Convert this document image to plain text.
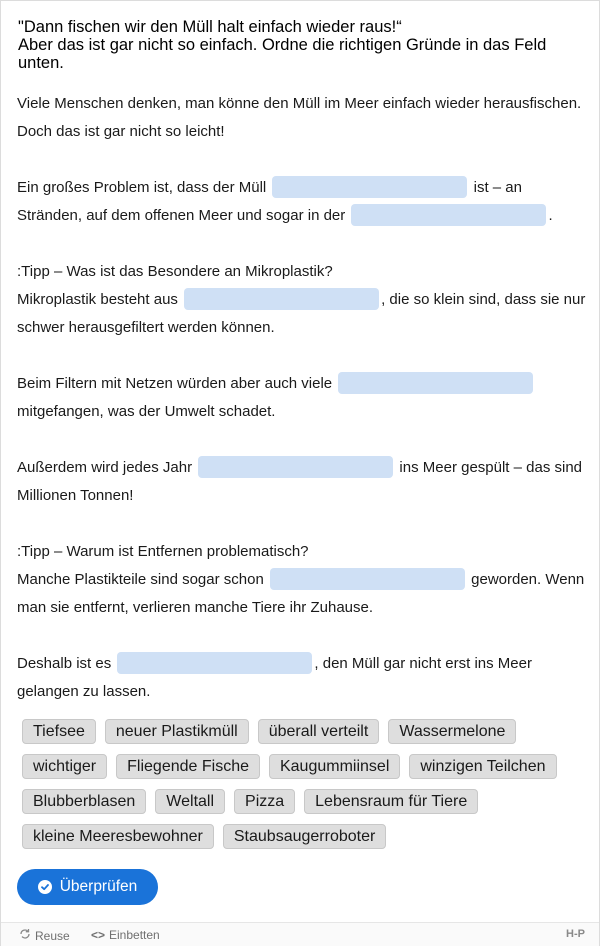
"Dann fischen wir den Müll halt einfach wieder raus!“
Aber das ist gar nicht so einfach. Ordne die richtigen Gründe in das Feld unten.

Viele Menschen denken, man könne den Müll im Meer einfach wieder herausfischen. Doch das ist gar nicht so leicht!

Ein großes Problem ist, dass der Müll	ist – an Stränden, auf dem offenen Meer und sogar in der	.

:Tipp – Was ist das Besondere an Mikroplastik?

Mikroplastik besteht aus	, die so klein sind, dass sie nur schwer herausgefiltert werden können.

Beim Filtern mit Netzen würden aber auch viele  mitgefangen, was der Umwelt schadet.

Außerdem wird jedes Jahr	ins Meer gespült – das sind Millionen Tonnen!

:Tipp – Warum ist Entfernen problematisch?

Manche Plastikteile sind sogar schon	geworden. Wenn man sie entfernt, verlieren manche Tiere ihr Zuhause.

Deshalb ist es	, den Müll gar nicht erst ins Meer gelangen zu lassen.

Tiefsee	neuer Plastikmüll	überall verteilt	Wassermelone
wichtiger	Fliegende Fische	Kaugummiinsel	winzigen Teilchen
Blubberblasen	Weltall	Pizza	Lebensraum für Tiere
kleine Meeresbewohner	Staubsaugerroboter
Überprüfen
Reuse <> Einbetten	H-P
